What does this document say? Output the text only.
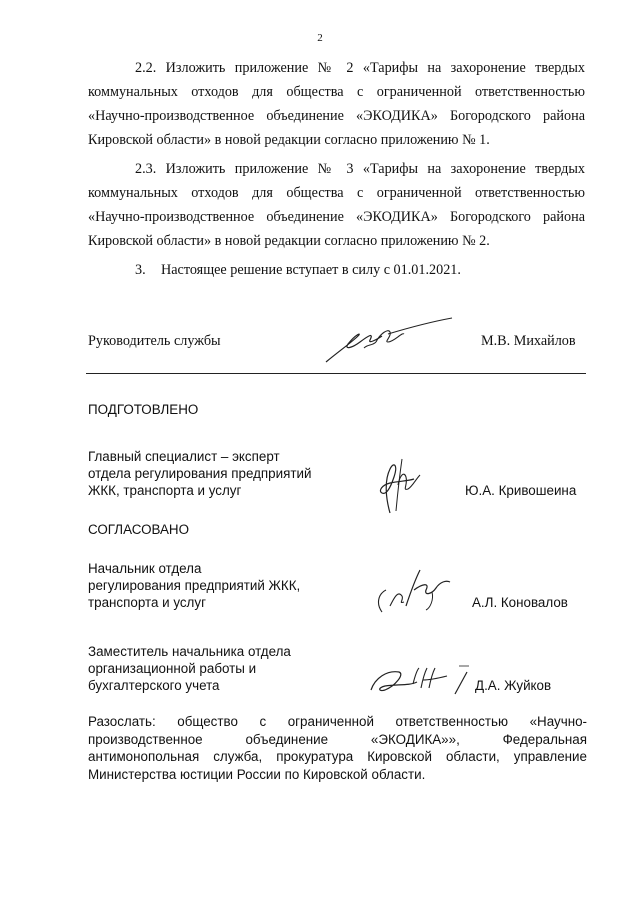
2
2.2. Изложить приложение № 2 «Тарифы на захоронение твердых
коммунальных отходов для общества с ограниченной ответственностью
«Научно-производственное объединение «ЭКОДИКА» Богородского района
Кировской области» в новой редакции согласно приложению № 1.
2.3. Изложить приложение № 3 «Тарифы на захоронение твердых
коммунальных отходов для общества с ограниченной ответственностью
«Научно-производственное объединение «ЭКОДИКА» Богородского района
Кировской области» в новой редакции согласно приложению № 2.
3. Настоящее решение вступает в силу с 01.01.2021.
Руководитель службы	М.В. Михайлов
ПОДГОТОВЛЕНО
Главный специалист – эксперт
отдела регулирования предприятий
ЖКК, транспорта и услуг	Ю.А. Кривошеина
СОГЛАСОВАНО
Начальник отдела
регулирования предприятий ЖКК,
транспорта и услуг	А.Л. Коновалов
Заместитель начальника отдела
организационной работы и
бухгалтерского учета	Д.А. Жуйков
Разослать: общество с ограниченной ответственностью «Научно-
производственное объединение «ЭКОДИКА»», Федеральная
антимонопольная служба, прокуратура Кировской области, управление
Министерства юстиции России по Кировской области.
